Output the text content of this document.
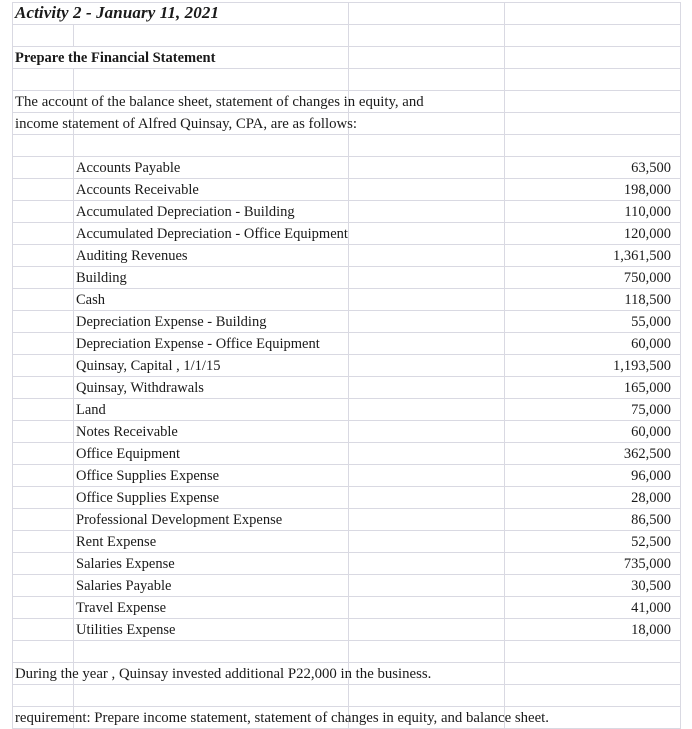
Activity 2 - January 11, 2021			

Prepare the Financial Statement			

The account of the balance sheet, statement of changes in equity, and			

income statement of Alfred Quinsay, CPA, are as follows:			

	Accounts Payable		63,500

	Accounts Receivable		198,000

	Accumulated Depreciation - Building		110,000

	Accumulated Depreciation - Office Equipment		120,000

	Auditing Revenues		1,361,500

	Building		750,000

	Cash		118,500

	Depreciation Expense - Building		55,000

	Depreciation Expense - Office Equipment		60,000

	Quinsay, Capital , 1/1/15		1,193,500

	Quinsay, Withdrawals		165,000

	Land		75,000

	Notes Receivable		60,000

	Office Equipment		362,500

	Office Supplies Expense		96,000

	Office Supplies Expense		28,000

	Professional Development Expense		86,500

	Rent Expense		52,500

	Salaries Expense		735,000

	Salaries Payable		30,500

	Travel Expense		41,000

	Utilities Expense		18,000

During the year , Quinsay invested additional P22,000 in the business.			

requirement: Prepare income statement, statement of changes in equity, and balance sheet.			
